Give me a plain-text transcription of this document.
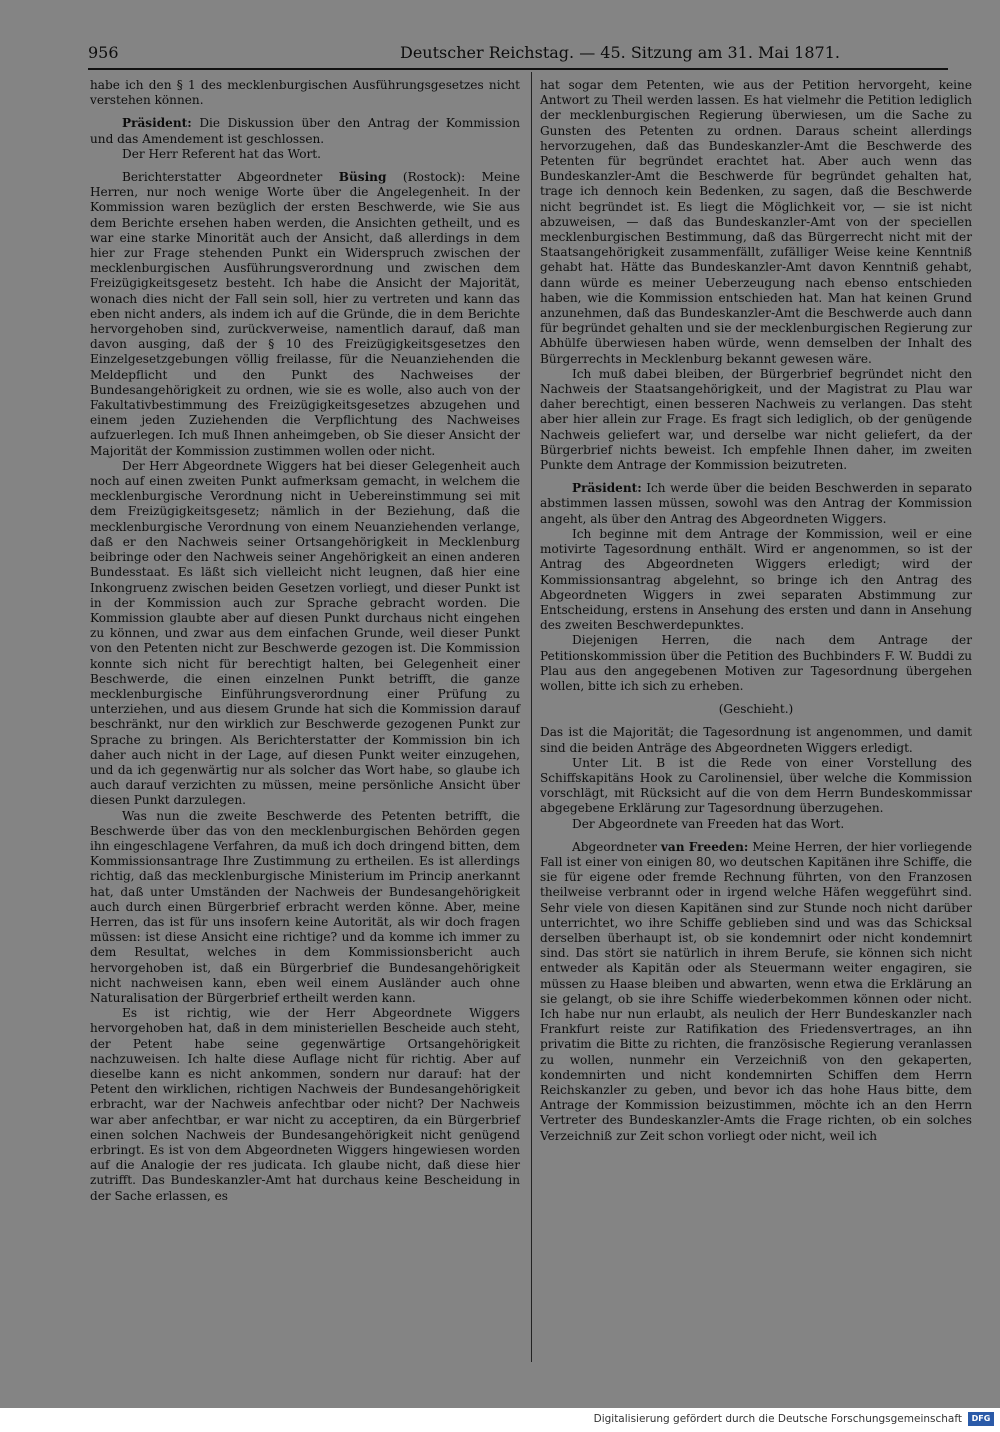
956	Deutscher Reichstag. — 45. Sitzung am 31. Mai 1871.

habe ich den § 1 des mecklenburgischen Ausführungsgesetzes nicht verstehen können.

Präsident: Die Diskussion über den Antrag der Kommission und das Amendement ist geschlossen.

Der Herr Referent hat das Wort.

Berichterstatter Abgeordneter Büsing (Rostock): Meine Herren, nur noch wenige Worte über die Angelegenheit. In der Kommission waren bezüglich der ersten Beschwerde, wie Sie aus dem Berichte ersehen haben werden, die Ansichten getheilt, und es war eine starke Minorität auch der Ansicht, daß allerdings in dem hier zur Frage stehenden Punkt ein Widerspruch zwischen der mecklenburgischen Ausführungsverordnung und zwischen dem Freizügigkeitsgesetz besteht. Ich habe die Ansicht der Majorität, wonach dies nicht der Fall sein soll, hier zu vertreten und kann das eben nicht anders, als indem ich auf die Gründe, die in dem Berichte hervorgehoben sind, zurückverweise, namentlich darauf, daß man davon ausging, daß der § 10 des Freizügigkeitsgesetzes den Einzelgesetzgebungen völlig freilasse, für die Neuanziehenden die Meldepflicht und den Punkt des Nachweises der Bundesangehörigkeit zu ordnen, wie sie es wolle, also auch von der Fakultativbestimmung des Freizügigkeitsgesetzes abzugehen und einem jeden Zuziehenden die Verpflichtung des Nachweises aufzuerlegen. Ich muß Ihnen anheimgeben, ob Sie dieser Ansicht der Majorität der Kommission zustimmen wollen oder nicht.

Der Herr Abgeordnete Wiggers hat bei dieser Gelegenheit auch noch auf einen zweiten Punkt aufmerksam gemacht, in welchem die mecklenburgische Verordnung nicht in Uebereinstimmung sei mit dem Freizügigkeitsgesetz; nämlich in der Beziehung, daß die mecklenburgische Verordnung von einem Neuanziehenden verlange, daß er den Nachweis seiner Ortsangehörigkeit in Mecklenburg beibringe oder den Nachweis seiner Angehörigkeit an einen anderen Bundesstaat. Es läßt sich vielleicht nicht leugnen, daß hier eine Inkongruenz zwischen beiden Gesetzen vorliegt, und dieser Punkt ist in der Kommission auch zur Sprache gebracht worden. Die Kommission glaubte aber auf diesen Punkt durchaus nicht eingehen zu können, und zwar aus dem einfachen Grunde, weil dieser Punkt von den Petenten nicht zur Beschwerde gezogen ist. Die Kommission konnte sich nicht für berechtigt halten, bei Gelegenheit einer Beschwerde, die einen einzelnen Punkt betrifft, die ganze mecklenburgische Einführungsverordnung einer Prüfung zu unterziehen, und aus diesem Grunde hat sich die Kommission darauf beschränkt, nur den wirklich zur Beschwerde gezogenen Punkt zur Sprache zu bringen. Als Berichterstatter der Kommission bin ich daher auch nicht in der Lage, auf diesen Punkt weiter einzugehen, und da ich gegenwärtig nur als solcher das Wort habe, so glaube ich auch darauf verzichten zu müssen, meine persönliche Ansicht über diesen Punkt darzulegen.

Was nun die zweite Beschwerde des Petenten betrifft, die Beschwerde über das von den mecklenburgischen Behörden gegen ihn eingeschlagene Verfahren, da muß ich doch dringend bitten, dem Kommissionsantrage Ihre Zustimmung zu ertheilen. Es ist allerdings richtig, daß das mecklenburgische Ministerium im Princip anerkannt hat, daß unter Umständen der Nachweis der Bundesangehörigkeit auch durch einen Bürgerbrief erbracht werden könne. Aber, meine Herren, das ist für uns insofern keine Autorität, als wir doch fragen müssen: ist diese Ansicht eine richtige? und da komme ich immer zu dem Resultat, welches in dem Kommissionsbericht auch hervorgehoben ist, daß ein Bürgerbrief die Bundesangehörigkeit nicht nachweisen kann, eben weil einem Ausländer auch ohne Naturalisation der Bürgerbrief ertheilt werden kann.

Es ist richtig, wie der Herr Abgeordnete Wiggers hervorgehoben hat, daß in dem ministeriellen Bescheide auch steht, der Petent habe seine gegenwärtige Ortsangehörigkeit nachzuweisen. Ich halte diese Auflage nicht für richtig. Aber auf dieselbe kann es nicht ankommen, sondern nur darauf: hat der Petent den wirklichen, richtigen Nachweis der Bundesangehörigkeit erbracht, war der Nachweis anfechtbar oder nicht? Der Nachweis war aber anfechtbar, er war nicht zu acceptiren, da ein Bürgerbrief einen solchen Nachweis der Bundesangehörigkeit nicht genügend erbringt. Es ist von dem Abgeordneten Wiggers hingewiesen worden auf die Analogie der res judicata. Ich glaube nicht, daß diese hier zutrifft. Das Bundeskanzler-Amt hat durchaus keine Bescheidung in der Sache erlassen, es

hat sogar dem Petenten, wie aus der Petition hervorgeht, keine Antwort zu Theil werden lassen. Es hat vielmehr die Petition lediglich der mecklenburgischen Regierung überwiesen, um die Sache zu Gunsten des Petenten zu ordnen. Daraus scheint allerdings hervorzugehen, daß das Bundeskanzler-Amt die Beschwerde des Petenten für begründet erachtet hat. Aber auch wenn das Bundeskanzler-Amt die Beschwerde für begründet gehalten hat, trage ich dennoch kein Bedenken, zu sagen, daß die Beschwerde nicht begründet ist. Es liegt die Möglichkeit vor, — sie ist nicht abzuweisen, — daß das Bundeskanzler-Amt von der speciellen mecklenburgischen Bestimmung, daß das Bürgerrecht nicht mit der Staatsangehörigkeit zusammenfällt, zufälliger Weise keine Kenntniß gehabt hat. Hätte das Bundeskanzler-Amt davon Kenntniß gehabt, dann würde es meiner Ueberzeugung nach ebenso entschieden haben, wie die Kommission entschieden hat. Man hat keinen Grund anzunehmen, daß das Bundeskanzler-Amt die Beschwerde auch dann für begründet gehalten und sie der mecklenburgischen Regierung zur Abhülfe überwiesen haben würde, wenn demselben der Inhalt des Bürgerrechts in Mecklenburg bekannt gewesen wäre.

Ich muß dabei bleiben, der Bürgerbrief begründet nicht den Nachweis der Staatsangehörigkeit, und der Magistrat zu Plau war daher berechtigt, einen besseren Nachweis zu verlangen. Das steht aber hier allein zur Frage. Es fragt sich lediglich, ob der genügende Nachweis geliefert war, und derselbe war nicht geliefert, da der Bürgerbrief nichts beweist. Ich empfehle Ihnen daher, im zweiten Punkte dem Antrage der Kommission beizutreten.

Präsident: Ich werde über die beiden Beschwerden in separato abstimmen lassen müssen, sowohl was den Antrag der Kommission angeht, als über den Antrag des Abgeordneten Wiggers.

Ich beginne mit dem Antrage der Kommission, weil er eine motivirte Tagesordnung enthält. Wird er angenommen, so ist der Antrag des Abgeordneten Wiggers erledigt; wird der Kommissionsantrag abgelehnt, so bringe ich den Antrag des Abgeordneten Wiggers in zwei separaten Abstimmung zur Entscheidung, erstens in Ansehung des ersten und dann in Ansehung des zweiten Beschwerdepunktes.

Diejenigen Herren, die nach dem Antrage der Petitionskommission über die Petition des Buchbinders F. W. Buddi zu Plau aus den angegebenen Motiven zur Tagesordnung übergehen wollen, bitte ich sich zu erheben.

(Geschieht.)

Das ist die Majorität; die Tagesordnung ist angenommen, und damit sind die beiden Anträge des Abgeordneten Wiggers erledigt.

Unter Lit. B ist die Rede von einer Vorstellung des Schiffskapitäns Hook zu Carolinensiel, über welche die Kommission vorschlägt, mit Rücksicht auf die von dem Herrn Bundeskommissar abgegebene Erklärung zur Tagesordnung überzugehen.

Der Abgeordnete van Freeden hat das Wort.

Abgeordneter van Freeden: Meine Herren, der hier vorliegende Fall ist einer von einigen 80, wo deutschen Kapitänen ihre Schiffe, die sie für eigene oder fremde Rechnung führten, von den Franzosen theilweise verbrannt oder in irgend welche Häfen weggeführt sind. Sehr viele von diesen Kapitänen sind zur Stunde noch nicht darüber unterrichtet, wo ihre Schiffe geblieben sind und was das Schicksal derselben überhaupt ist, ob sie kondemnirt oder nicht kondemnirt sind. Das stört sie natürlich in ihrem Berufe, sie können sich nicht entweder als Kapitän oder als Steuermann weiter engagiren, sie müssen zu Haase bleiben und abwarten, wenn etwa die Erklärung an sie gelangt, ob sie ihre Schiffe wiederbekommen können oder nicht. Ich habe nur nun erlaubt, als neulich der Herr Bundeskanzler nach Frankfurt reiste zur Ratifikation des Friedensvertrages, an ihn privatim die Bitte zu richten, die französische Regierung veranlassen zu wollen, nunmehr ein Verzeichniß von den gekaperten, kondemnirten und nicht kondemnirten Schiffen dem Herrn Reichskanzler zu geben, und bevor ich das hohe Haus bitte, dem Antrage der Kommission beizustimmen, möchte ich an den Herrn Vertreter des Bundeskanzler-Amts die Frage richten, ob ein solches Verzeichniß zur Zeit schon vorliegt oder nicht, weil ich

Digitalisierung gefördert durch die Deutsche Forschungsgemeinschaft	DFG
